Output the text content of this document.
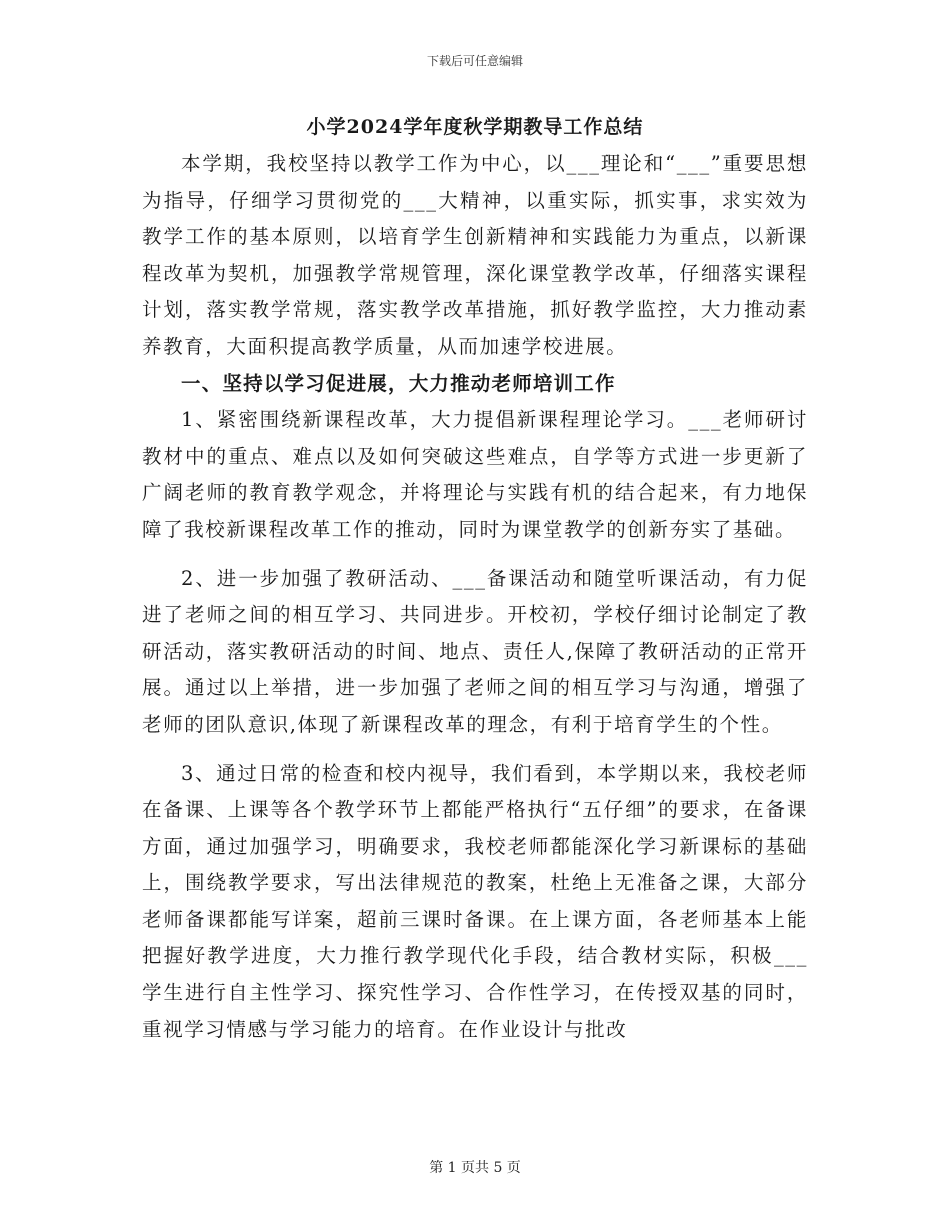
下载后可任意编辑
小学2024学年度秋学期教导工作总结

本学期，我校坚持以教学工作为中心，以___理论和“___”重要思想为指导，仔细学习贯彻党的___大精神，以重实际，抓实事，求实效为教学工作的基本原则，以培育学生创新精神和实践能力为重点，以新课程改革为契机，加强教学常规管理，深化课堂教学改革，仔细落实课程计划，落实教学常规，落实教学改革措施，抓好教学监控，大力推动素养教育，大面积提高教学质量，从而加速学校进展。

一、坚持以学习促进展，大力推动老师培训工作

1、紧密围绕新课程改革，大力提倡新课程理论学习。___老师研讨教材中的重点、难点以及如何突破这些难点，自学等方式进一步更新了广阔老师的教育教学观念，并将理论与实践有机的结合起来，有力地保障了我校新课程改革工作的推动，同时为课堂教学的创新夯实了基础。

2、进一步加强了教研活动、___备课活动和随堂听课活动，有力促进了老师之间的相互学习、共同进步。开校初，学校仔细讨论制定了教研活动，落实教研活动的时间、地点、责任人,保障了教研活动的正常开展。通过以上举措，进一步加强了老师之间的相互学习与沟通，增强了老师的团队意识,体现了新课程改革的理念，有利于培育学生的个性。

3、通过日常的检查和校内视导，我们看到，本学期以来，我校老师在备课、上课等各个教学环节上都能严格执行“五仔细”的要求，在备课方面，通过加强学习，明确要求，我校老师都能深化学习新课标的基础上，围绕教学要求，写出法律规范的教案，杜绝上无准备之课，大部分老师备课都能写详案，超前三课时备课。在上课方面，各老师基本上能把握好教学进度，大力推行教学现代化手段，结合教材实际，积极___学生进行自主性学习、探究性学习、合作性学习，在传授双基的同时，重视学习情感与学习能力的培育。在作业设计与批改

第 1 页共 5 页
